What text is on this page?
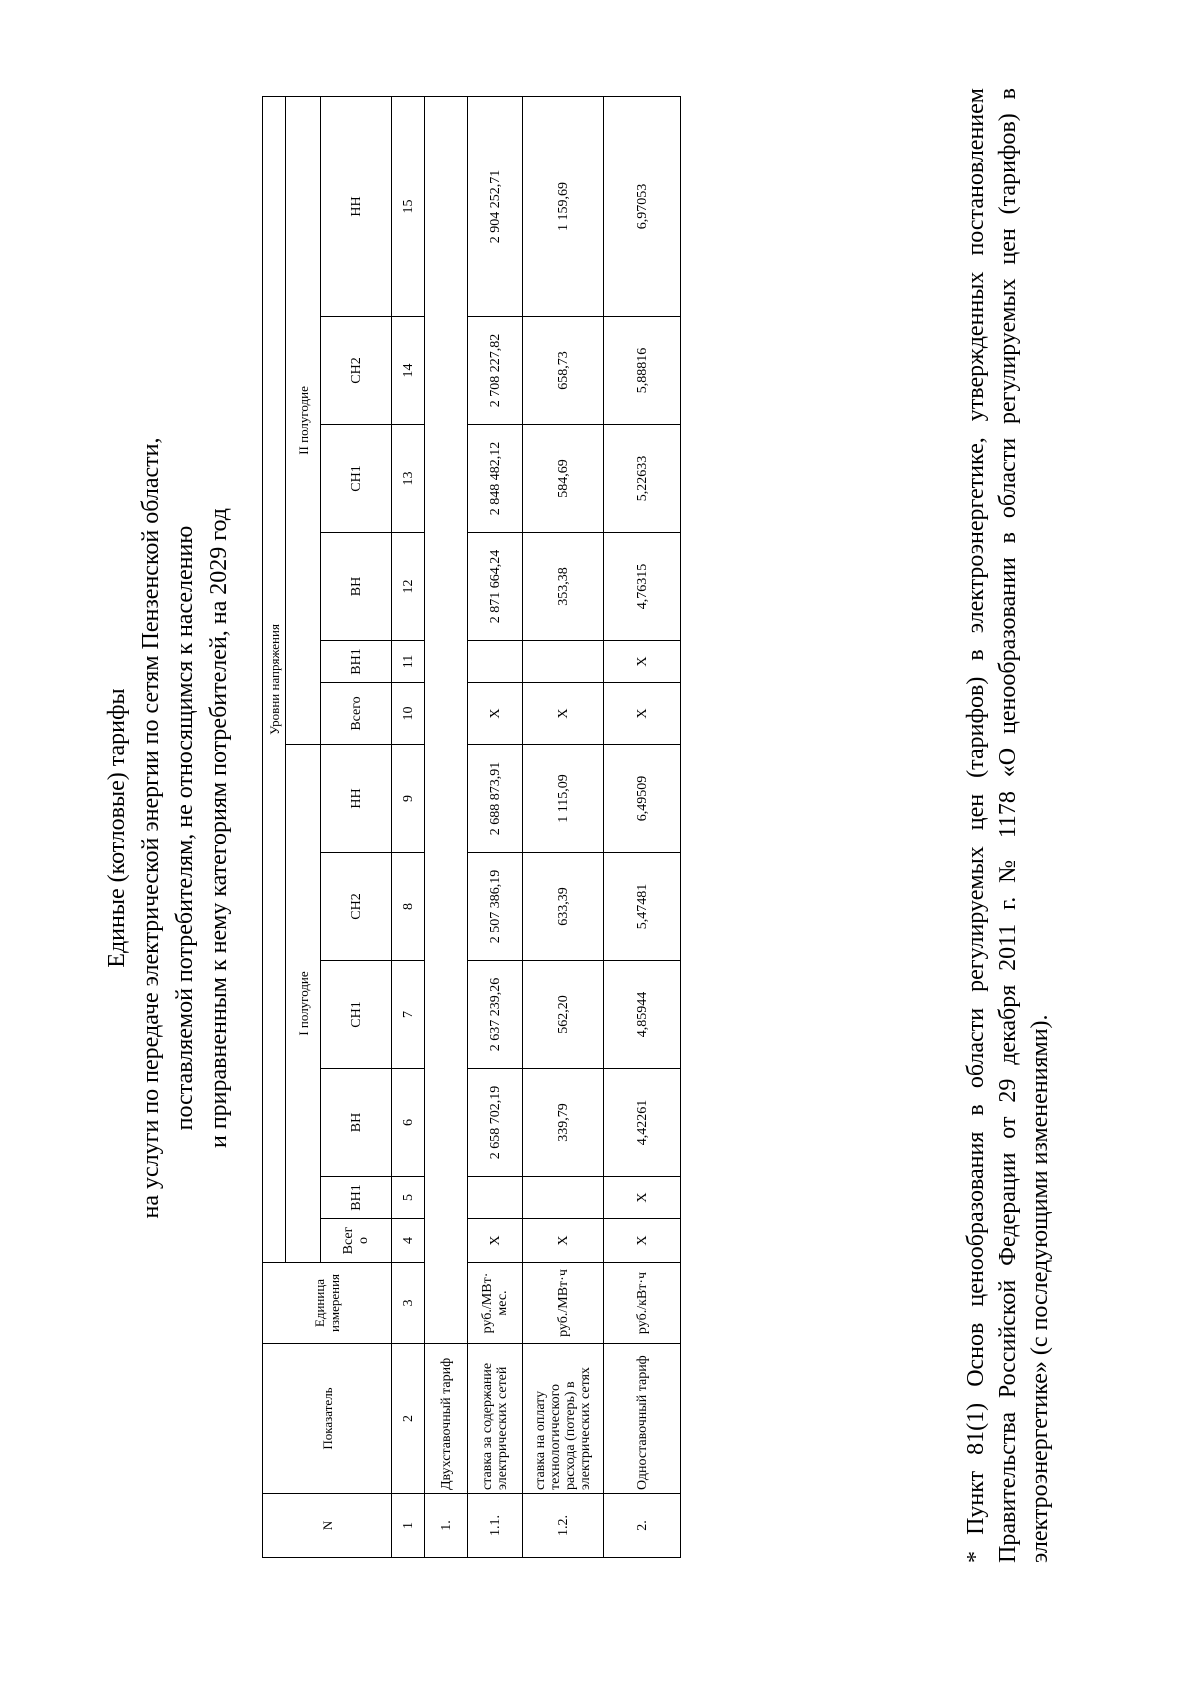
Единые (котловые) тарифы на услуги по передаче электрической энергии по сетям Пензенской области, поставляемой потребителям, не относящимся к населению и приравненным к нему категориям потребителей, на 2029 год
N	Показатель	Единица измерения	Уровни напряжения											
			I полугодие						II полугодие					
			Всег о	ВН1	ВН	СН1	СН2	НН	Всего	ВН1	ВН	СН1	СН2	НН
1	2	3	4	5	6	7	8	9	10	11	12	13	14	15
1.	Двухставочный тариф													
1.1.	ставка за содержание электрических сетей	руб./МВт· мес.	X		2 658 702,19	2 637 239,26	2 507 386,19	2 688 873,91	X		2 871 664,24	2 848 482,12	2 708 227,82	2 904 252,71
1.2.	ставка на оплату технологического расхода (потерь) в электрических сетях	руб./МВт·ч	X		339,79	562,20	633,39	1 115,09	X		353,38	584,69	658,73	1 159,69
2.	Одноставочный тариф	руб./кВт·ч	X	X	4,42261	4,85944	5,47481	6,49509	X	X	4,76315	5,22633	5,88816	6,97053	* Пункт 81(1) Основ ценообразования в области регулируемых цен (тарифов) в электроэнергетике, утвержденных постановлением Правительства Российской Федерации от 29 декабря 2011 г. № 1178 «О ценообразовании в области регулируемых цен (тарифов) в электроэнергетике» (с последующими изменениями).
